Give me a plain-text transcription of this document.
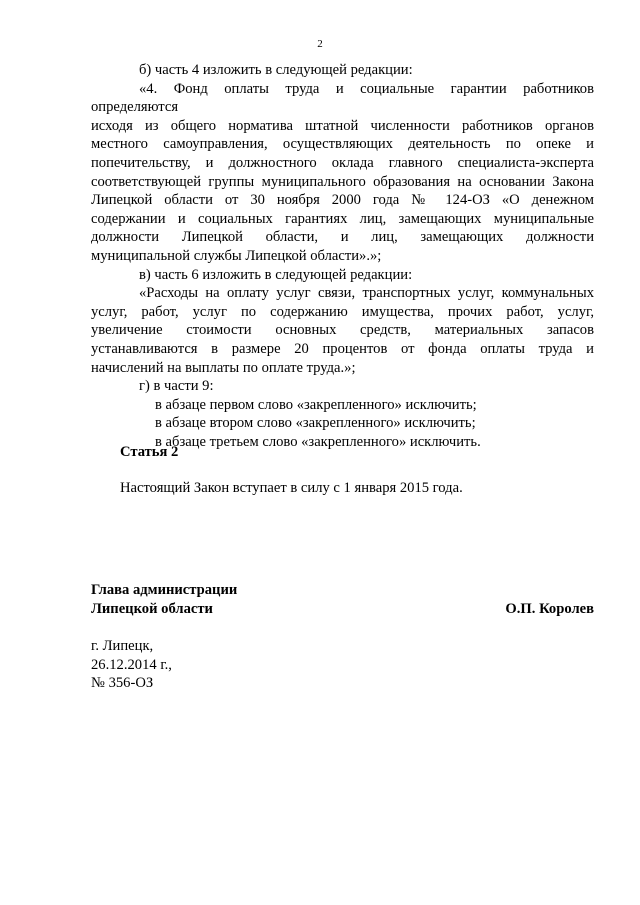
2

б) часть 4 изложить в следующей редакции:

«4. Фонд оплаты труда и социальные гарантии работников определяются

исходя из общего норматива штатной численности работников органов

местного самоуправления, осуществляющих деятельность по опеке и

попечительству, и должностного оклада главного специалиста-эксперта

соответствующей группы муниципального образования на основании Закона

Липецкой области от 30 ноября 2000 года № 124-ОЗ «О денежном

содержании и социальных гарантиях лиц, замещающих муниципальные

должности Липецкой области, и лиц, замещающих должности

муниципальной службы Липецкой области».»;

в) часть 6 изложить в следующей редакции:

«Расходы на оплату услуг связи, транспортных услуг, коммунальных

услуг, работ, услуг по содержанию имущества, прочих работ, услуг,

увеличение стоимости основных средств, материальных запасов

устанавливаются в размере 20 процентов от фонда оплаты труда и

начислений на выплаты по оплате труда.»;

г) в части 9:

в абзаце первом слово «закрепленного» исключить;

в абзаце втором слово «закрепленного» исключить;

в абзаце третьем слово «закрепленного» исключить.

Статья 2
Настоящий Закон вступает в силу с 1 января 2015 года.
Глава администрации
Липецкой области	О.П. Королев
г. Липецк,
26.12.2014 г.,
№ 356-ОЗ
